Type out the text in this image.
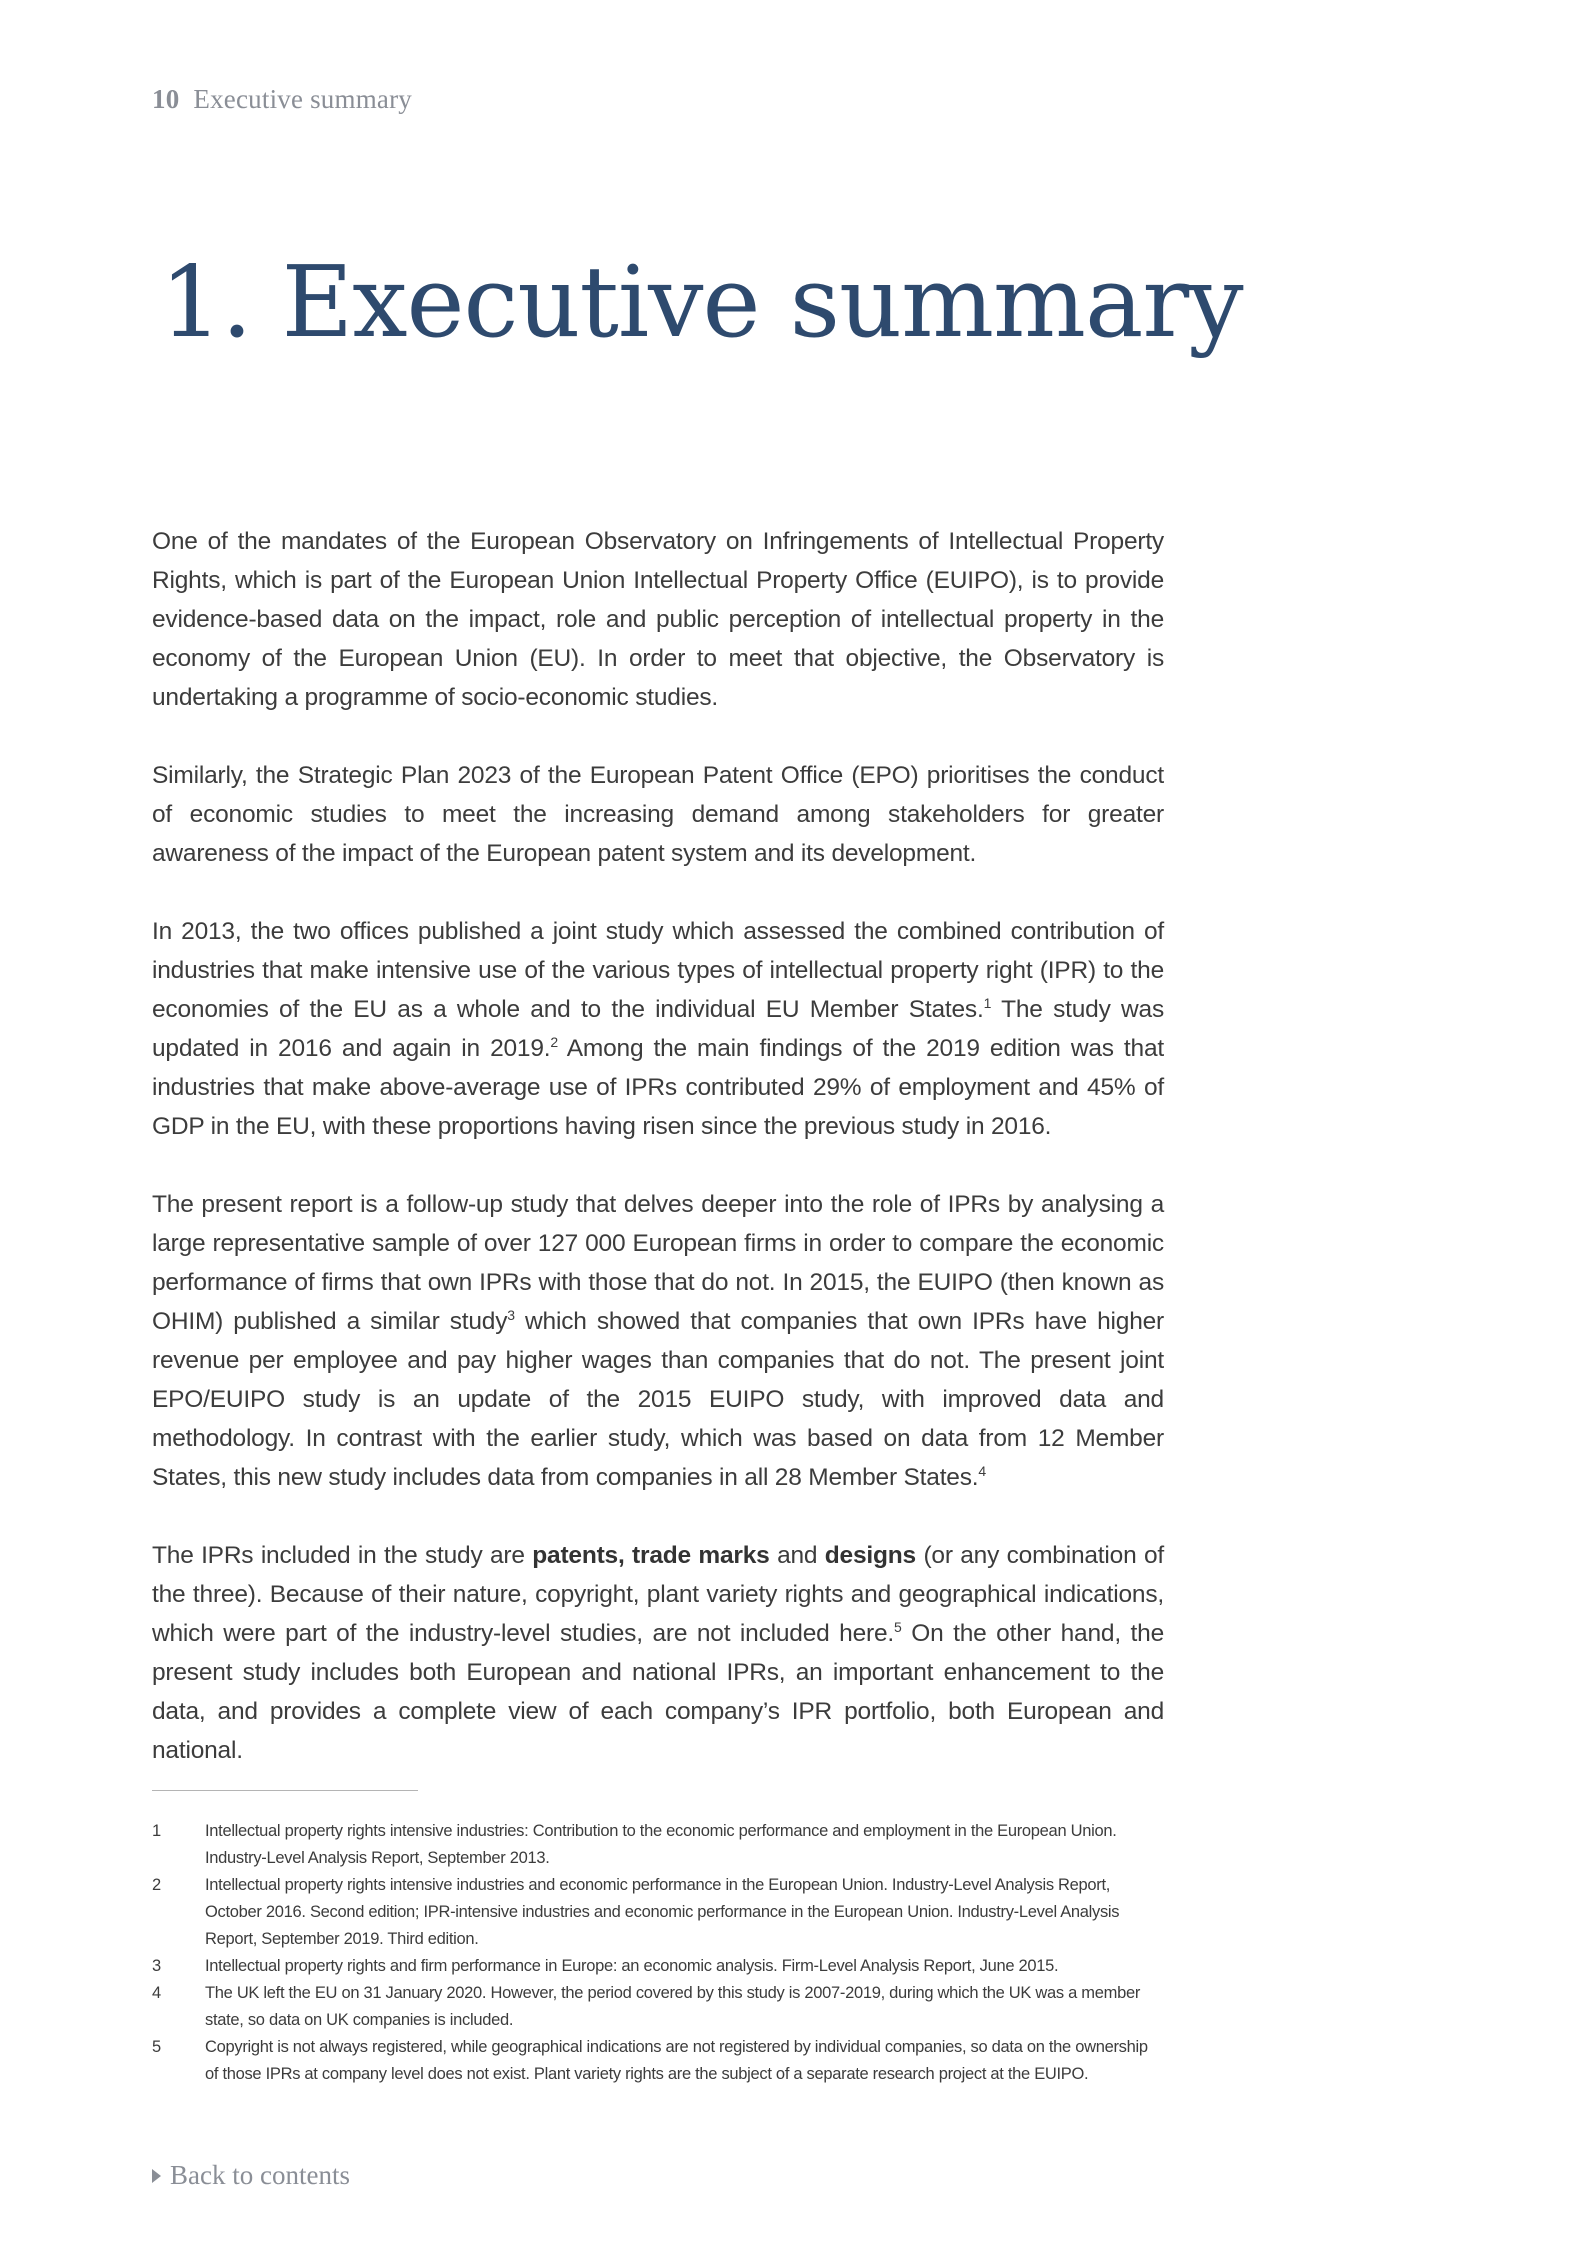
10 Executive summary
1. Executive summary

One of the mandates of the European Observatory on Infringements of Intellectual Property Rights, which is part of the European Union Intellectual Property Office (EUIPO), is to provide evidence-based data on the impact, role and public perception of intellectual property in the economy of the European Union (EU). In order to meet that objective, the Observatory is undertaking a programme of socio-economic studies.

Similarly, the Strategic Plan 2023 of the European Patent Office (EPO) prioritises the conduct of economic studies to meet the increasing demand among stakeholders for greater awareness of the impact of the European patent system and its development.

In 2013, the two offices published a joint study which assessed the combined contribution of industries that make intensive use of the various types of intellectual property right (IPR) to the economies of the EU as a whole and to the individual EU Member States.$^1$ The study was updated in 2016 and again in 2019.$^2$ Among the main findings of the 2019 edition was that industries that make above-average use of IPRs contributed 29% of employment and 45% of GDP in the EU, with these proportions having risen since the previous study in 2016.

The present report is a follow-up study that delves deeper into the role of IPRs by analysing a large representative sample of over 127 000 European firms in order to compare the economic performance of firms that own IPRs with those that do not. In 2015, the EUIPO (then known as OHIM) published a similar study$^3$ which showed that companies that own IPRs have higher revenue per employee and pay higher wages than companies that do not. The present joint EPO/EUIPO study is an update of the 2015 EUIPO study, with improved data and methodology. In contrast with the earlier study, which was based on data from 12 Member States, this new study includes data from companies in all 28 Member States.$^4$

The IPRs included in the study are patents, trade marks and designs (or any combination of the three). Because of their nature, copyright, plant variety rights and geographical indications, which were part of the industry-level studies, are not included here.$^5$ On the other hand, the present study includes both European and national IPRs, an important enhancement to the data, and provides a complete view of each company’s IPR portfolio, both European and national.

1	Intellectual property rights intensive industries: Contribution to the economic performance and employment in the European Union. Industry-Level Analysis Report, September 2013.
2	Intellectual property rights intensive industries and economic performance in the European Union. Industry-Level Analysis Report, October 2016. Second edition; IPR-intensive industries and economic performance in the European Union. Industry-Level Analysis Report, September 2019. Third edition.
3	Intellectual property rights and firm performance in Europe: an economic analysis. Firm-Level Analysis Report, June 2015.
4	The UK left the EU on 31 January 2020. However, the period covered by this study is 2007-2019, during which the UK was a member state, so data on UK companies is included.
5	Copyright is not always registered, while geographical indications are not registered by individual companies, so data on the ownership of those IPRs at company level does not exist. Plant variety rights are the subject of a separate research project at the EUIPO.
Back to contents
